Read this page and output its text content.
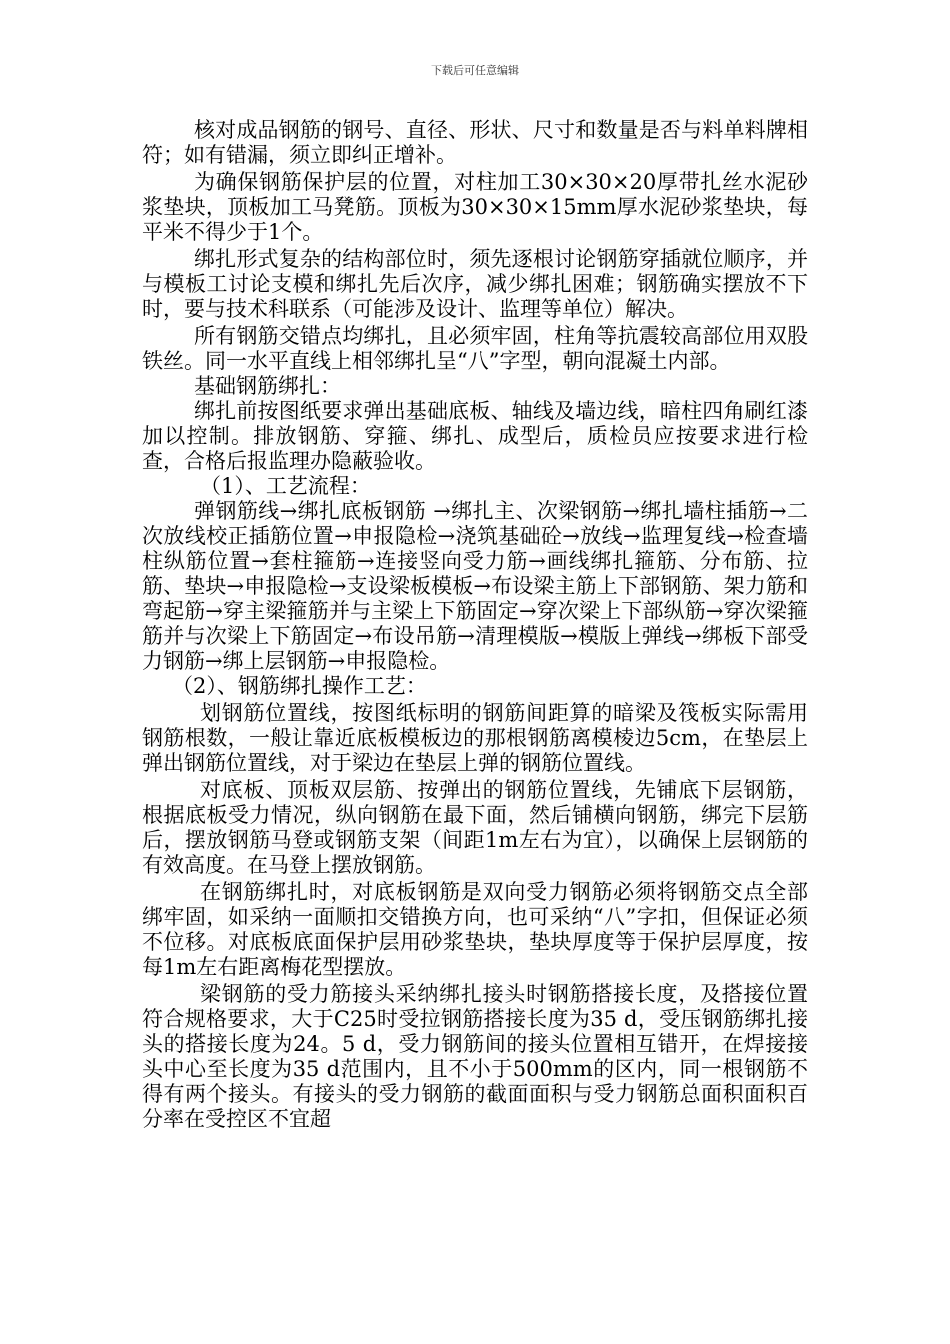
下载后可任意编辑

核对成品钢筋的钢号、直径、形状、尺寸和数量是否与料单料牌相符；如有错漏，须立即纠正增补。

为确保钢筋保护层的位置，对柱加工30×30×20厚带扎丝水泥砂浆垫块，顶板加工马凳筋。顶板为30×30×15mm厚水泥砂浆垫块，每平米不得少于1个。

绑扎形式复杂的结构部位时，须先逐根讨论钢筋穿插就位顺序，并与模板工讨论支模和绑扎先后次序，减少绑扎困难；钢筋确实摆放不下时，要与技术科联系（可能涉及设计、监理等单位）解决。

所有钢筋交错点均绑扎，且必须牢固，柱角等抗震较高部位用双股铁丝。同一水平直线上相邻绑扎呈“八”字型，朝向混凝土内部。

基础钢筋绑扎：

绑扎前按图纸要求弹出基础底板、轴线及墙边线，暗柱四角刷红漆加以控制。排放钢筋、穿箍、绑扎、成型后，质检员应按要求进行检查，合格后报监理办隐蔽验收。

（1）、工艺流程：

弹钢筋线→绑扎底板钢筋 →绑扎主、次梁钢筋→绑扎墙柱插筋→二次放线校正插筋位置→申报隐检→浇筑基础砼→放线→监理复线→检查墙柱纵筋位置→套柱箍筋→连接竖向受力筋→画线绑扎箍筋、分布筋、拉筋、垫块→申报隐检→支设梁板模板→布设梁主筋上下部钢筋、架力筋和弯起筋→穿主梁箍筋并与主梁上下筋固定→穿次梁上下部纵筋→穿次梁箍筋并与次梁上下筋固定→布设吊筋→清理模版→模版上弹线→绑板下部受力钢筋→绑上层钢筋→申报隐检。

（2）、钢筋绑扎操作工艺：

划钢筋位置线，按图纸标明的钢筋间距算的暗梁及筏板实际需用钢筋根数，一般让靠近底板模板边的那根钢筋离模棱边5cm，在垫层上弹出钢筋位置线，对于梁边在垫层上弹的钢筋位置线。

对底板、顶板双层筋、按弹出的钢筋位置线，先铺底下层钢筋，根据底板受力情况，纵向钢筋在最下面，然后铺横向钢筋，绑完下层筋后，摆放钢筋马登或钢筋支架（间距1m左右为宜），以确保上层钢筋的有效高度。在马登上摆放钢筋。

在钢筋绑扎时，对底板钢筋是双向受力钢筋必须将钢筋交点全部绑牢固，如采纳一面顺扣交错换方向，也可采纳“八”字扣，但保证必须不位移。对底板底面保护层用砂浆垫块，垫块厚度等于保护层厚度，按每1m左右距离梅花型摆放。

梁钢筋的受力筋接头采纳绑扎接头时钢筋搭接长度，及搭接位置符合规格要求，大于C25时受拉钢筋搭接长度为35 d，受压钢筋绑扎接头的搭接长度为24。5 d，受力钢筋间的接头位置相互错开，在焊接接头中心至长度为35 d范围内，且不小于500mm的区内，同一根钢筋不得有两个接头。有接头的受力钢筋的截面面积与受力钢筋总面积面积百分率在受控区不宜超
